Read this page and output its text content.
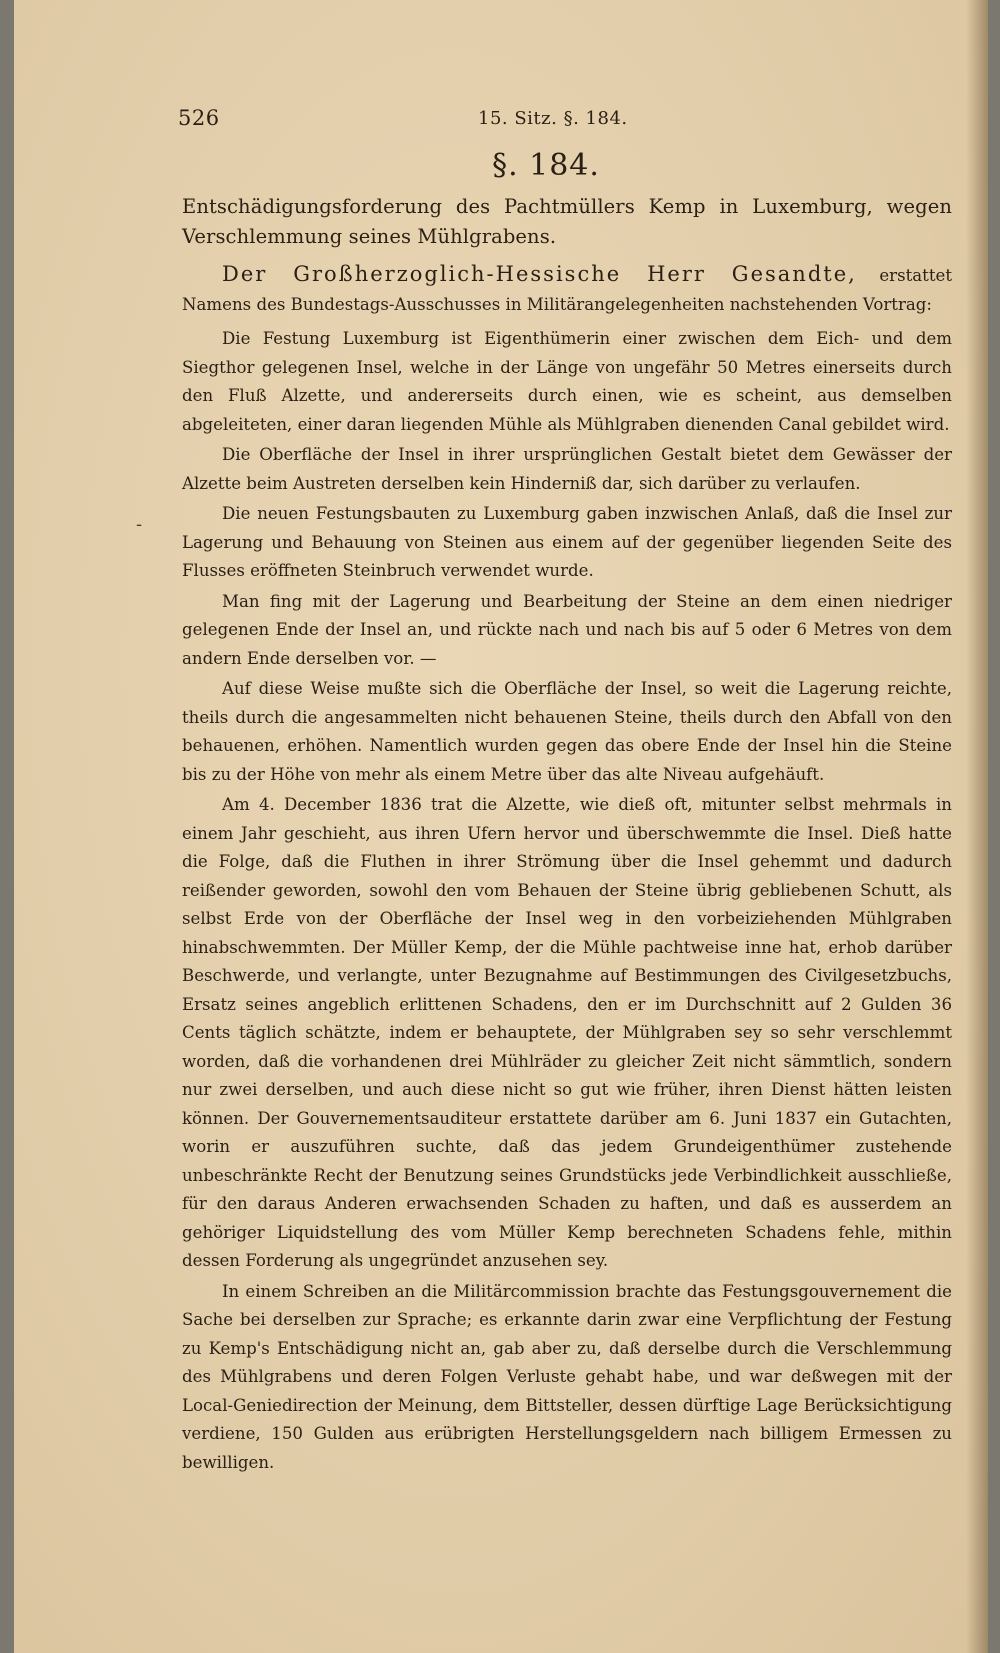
526	15. Sitz. §. 184.
§. 184.
-

Entschädigungsforderung des Pachtmüllers Kemp in Luxemburg, wegen Verschlemmung seines Mühlgrabens.

Der Großherzoglich-Hessische Herr Gesandte, erstattet Namens des Bundestags-Ausschusses in Militärangelegenheiten nachstehenden Vortrag:

Die Festung Luxemburg ist Eigenthümerin einer zwischen dem Eich- und dem Siegthor gelegenen Insel, welche in der Länge von ungefähr 50 Metres einerseits durch den Fluß Alzette, und andererseits durch einen, wie es scheint, aus demselben abgeleiteten, einer daran liegenden Mühle als Mühlgraben dienenden Canal gebildet wird.

Die Oberfläche der Insel in ihrer ursprünglichen Gestalt bietet dem Gewässer der Alzette beim Austreten derselben kein Hinderniß dar, sich darüber zu verlaufen.

Die neuen Festungsbauten zu Luxemburg gaben inzwischen Anlaß, daß die Insel zur Lagerung und Behauung von Steinen aus einem auf der gegenüber liegenden Seite des Flusses eröffneten Steinbruch verwendet wurde.

Man fing mit der Lagerung und Bearbeitung der Steine an dem einen niedriger gelegenen Ende der Insel an, und rückte nach und nach bis auf 5 oder 6 Metres von dem andern Ende derselben vor. —

Auf diese Weise mußte sich die Oberfläche der Insel, so weit die Lagerung reichte, theils durch die angesammelten nicht behauenen Steine, theils durch den Abfall von den behauenen, erhöhen. Namentlich wurden gegen das obere Ende der Insel hin die Steine bis zu der Höhe von mehr als einem Metre über das alte Niveau aufgehäuft.

Am 4. December 1836 trat die Alzette, wie dieß oft, mitunter selbst mehrmals in einem Jahr geschieht, aus ihren Ufern hervor und überschwemmte die Insel. Dieß hatte die Folge, daß die Fluthen in ihrer Strömung über die Insel gehemmt und dadurch reißender geworden, sowohl den vom Behauen der Steine übrig gebliebenen Schutt, als selbst Erde von der Oberfläche der Insel weg in den vorbeiziehenden Mühlgraben hinabschwemmten. Der Müller Kemp, der die Mühle pachtweise inne hat, erhob darüber Beschwerde, und verlangte, unter Bezugnahme auf Bestimmungen des Civilgesetzbuchs, Ersatz seines angeblich erlittenen Schadens, den er im Durchschnitt auf 2 Gulden 36 Cents täglich schätzte, indem er behauptete, der Mühlgraben sey so sehr verschlemmt worden, daß die vorhandenen drei Mühlräder zu gleicher Zeit nicht sämmtlich, sondern nur zwei derselben, und auch diese nicht so gut wie früher, ihren Dienst hätten leisten können. Der Gouvernementsauditeur erstattete darüber am 6. Juni 1837 ein Gutachten, worin er auszuführen suchte, daß das jedem Grundeigenthümer zustehende unbeschränkte Recht der Benutzung seines Grundstücks jede Verbindlichkeit ausschließe, für den daraus Anderen erwachsenden Schaden zu haften, und daß es ausserdem an gehöriger Liquidstellung des vom Müller Kemp berechneten Schadens fehle, mithin dessen Forderung als ungegründet anzusehen sey.

In einem Schreiben an die Militärcommission brachte das Festungsgouvernement die Sache bei derselben zur Sprache; es erkannte darin zwar eine Verpflichtung der Festung zu Kemp's Entschädigung nicht an, gab aber zu, daß derselbe durch die Verschlemmung des Mühlgrabens und deren Folgen Verluste gehabt habe, und war deßwegen mit der Local-Geniedirection der Meinung, dem Bittsteller, dessen dürftige Lage Berücksichtigung verdiene, 150 Gulden aus erübrigten Herstellungsgeldern nach billigem Ermessen zu bewilligen.
